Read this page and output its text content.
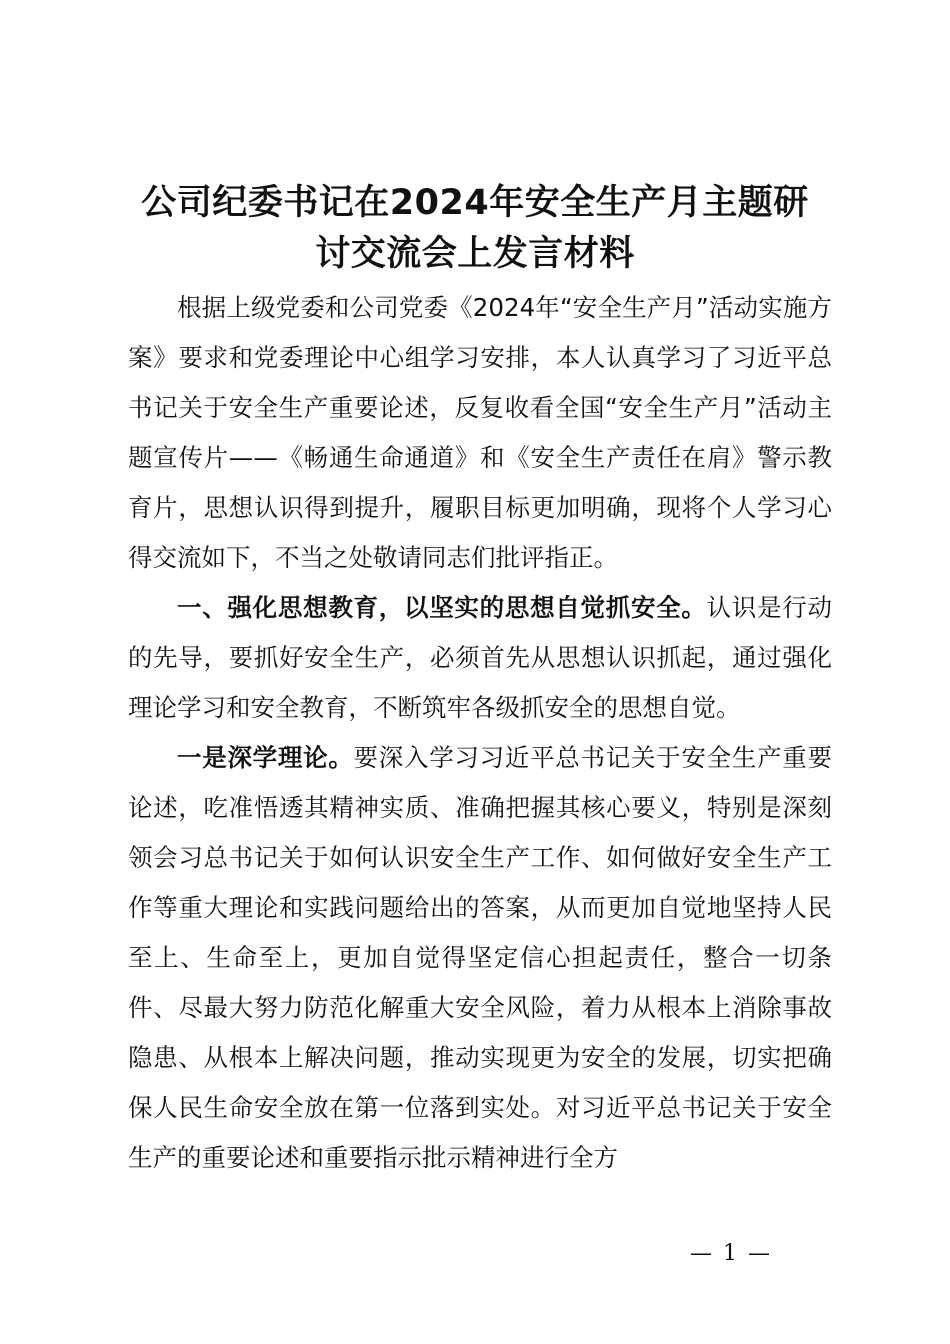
公司纪委书记在2024年安全生产月主题研
讨交流会上发言材料

根据上级党委和公司党委《2024年“安全生产月”活动实施方案》要求和党委理论中心组学习安排，本人认真学习了习近平总书记关于安全生产重要论述，反复收看全国“安全生产月”活动主题宣传片——《畅通生命通道》和《安全生产责任在肩》警示教育片，思想认识得到提升，履职目标更加明确，现将个人学习心得交流如下，不当之处敬请同志们批评指正。

一、强化思想教育，以坚实的思想自觉抓安全。认识是行动的先导，要抓好安全生产，必须首先从思想认识抓起，通过强化理论学习和安全教育，不断筑牢各级抓安全的思想自觉。

一是深学理论。要深入学习习近平总书记关于安全生产重要论述，吃准悟透其精神实质、准确把握其核心要义，特别是深刻领会习总书记关于如何认识安全生产工作、如何做好安全生产工作等重大理论和实践问题给出的答案，从而更加自觉地坚持人民至上、生命至上，更加自觉得坚定信心担起责任，整合一切条件、尽最大努力防范化解重大安全风险，着力从根本上消除事故隐患、从根本上解决问题，推动实现更为安全的发展，切实把确保人民生命安全放在第一位落到实处。对习近平总书记关于安全生产的重要论述和重要指示批示精神进行全方

— 1 —
